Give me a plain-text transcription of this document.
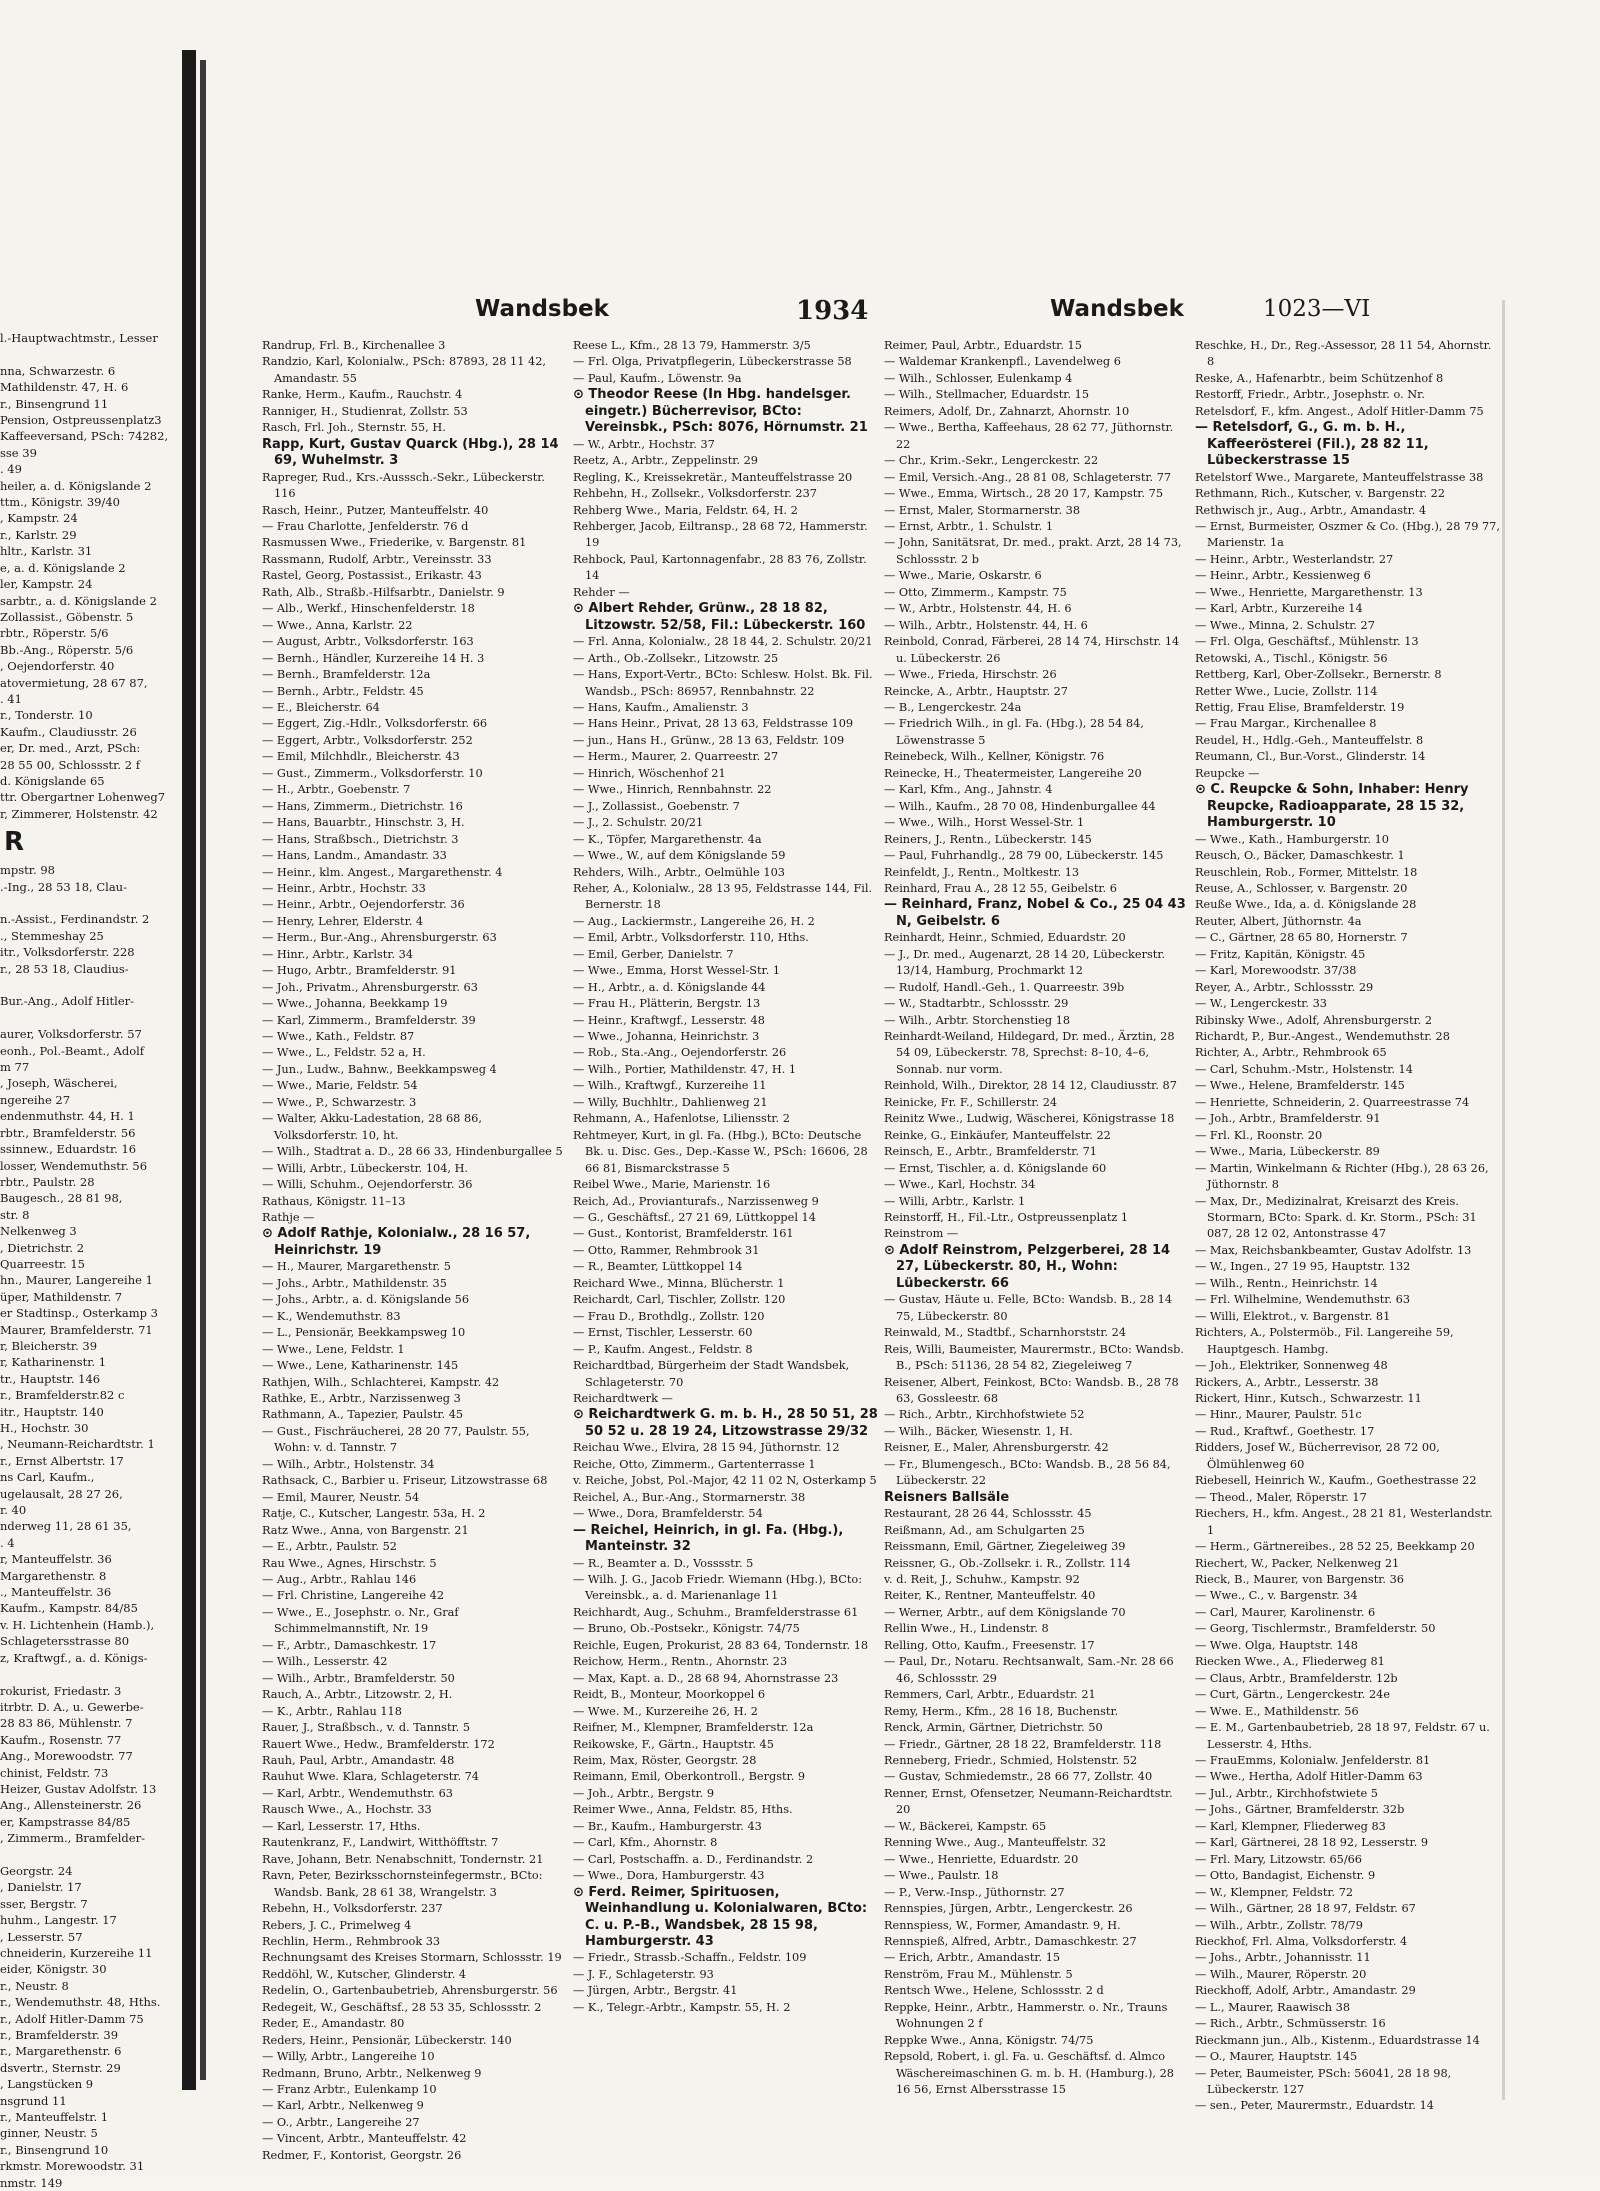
l.-Hauptwachtmstr., Lesser

nna, Schwarzestr. 6
Mathildenstr. 47, H. 6
r., Binsengrund 11
Pension, Ostpreussenplatz3
Kaffeeversand, PSch: 74282,
sse 39
. 49
heiler, a. d. Königslande 2
ttm., Königstr. 39/40
, Kampstr. 24
r., Karlstr. 29
hltr., Karlstr. 31
e, a. d. Königslande 2
ler, Kampstr. 24
sarbtr., a. d. Königslande 2
Zollassist., Göbenstr. 5
rbtr., Röperstr. 5/6
Bb.-Ang., Röperstr. 5/6
, Oejendorferstr. 40
atovermietung, 28 67 87,
. 41
r., Tonderstr. 10
Kaufm., Claudiusstr. 26
er, Dr. med., Arzt, PSch:
28 55 00, Schlossstr. 2 f
d. Königslande 65
ttr. Obergartner Lohenweg7
r, Zimmerer, Holstenstr. 42
R
mpstr. 98
.-Ing., 28 53 18, Clau-

n.-Assist., Ferdinandstr. 2
., Stemmeshay 25
itr., Volksdorferstr. 228
r., 28 53 18, Claudius-

Bur.-Ang., Adolf Hitler-

aurer, Volksdorferstr. 57
eonh., Pol.-Beamt., Adolf
m 77
, Joseph, Wäscherei,
ngereihe 27
endenmuthstr. 44, H. 1
rbtr., Bramfelderstr. 56
ssinnew., Eduardstr. 16
losser, Wendemuthstr. 56
rbtr., Paulstr. 28
Baugesch., 28 81 98,
str. 8
Nelkenweg 3
, Dietrichstr. 2
Quarreestr. 15
hn., Maurer, Langereihe 1
üper, Mathildenstr. 7
er Stadtinsp., Osterkamp 3
Maurer, Bramfelderstr. 71
r, Bleicherstr. 39
r, Katharinenstr. 1
tr., Hauptstr. 146
r., Bramfelderstr.82 c
itr., Hauptstr. 140
H., Hochstr. 30
, Neumann-Reichardtstr. 1
r., Ernst Albertstr. 17
ns Carl, Kaufm.,
ugelausalt, 28 27 26,
r. 40
nderweg 11, 28 61 35,
. 4
r, Manteuffelstr. 36
Margarethenstr. 8
., Manteuffelstr. 36
Kaufm., Kampstr. 84/85
v. H. Lichtenhein (Hamb.),
Schlagetersstrasse 80
z, Kraftwgf., a. d. Königs-

rokurist, Friedastr. 3
itrbtr. D. A., u. Gewerbe-
28 83 86, Mühlenstr. 7
Kaufm., Rosenstr. 77
Ang., Morewoodstr. 77
chinist, Feldstr. 73
Heizer, Gustav Adolfstr. 13
Ang., Allensteinerstr. 26
er, Kampstrasse 84/85
, Zimmerm., Bramfelder-

Georgstr. 24
, Danielstr. 17
sser, Bergstr. 7
huhm., Langestr. 17
, Lesserstr. 57
chneiderin, Kurzereihe 11
eider, Königstr. 30
r., Neustr. 8
r., Wendemuthstr. 48, Hths.
r., Adolf Hitler-Damm 75
r., Bramfelderstr. 39
r., Margarethenstr. 6
dsvertr., Sternstr. 29
, Langstücken 9
nsgrund 11
r., Manteuffelstr. 1
ginner, Neustr. 5
r., Binsengrund 10
rkmstr. Morewoodstr. 31
nmstr. 149
Wandsbek	1934	Wandsbek	1023—VI
Randrup, Frl. B., Kirchenallee 3
Randzio, Karl, Kolonialw., PSch: 87893, 28 11 42, Amandastr. 55
Ranke, Herm., Kaufm., Rauchstr. 4
Ranniger, H., Studienrat, Zollstr. 53
Rasch, Frl. Joh., Sternstr. 55, H.
Rapp, Kurt, Gustav Quarck (Hbg.), 28 14 69, Wuhelmstr. 3
Rapreger, Rud., Krs.-Ausssch.-Sekr., Lübeckerstr. 116
Rasch, Heinr., Putzer, Manteuffelstr. 40
— Frau Charlotte, Jenfelderstr. 76 d
Rasmussen Wwe., Friederike, v. Bargenstr. 81
Rassmann, Rudolf, Arbtr., Vereinsstr. 33
Rastel, Georg, Postassist., Erikastr. 43
Rath, Alb., Straßb.-Hilfsarbtr., Danielstr. 9
— Alb., Werkf., Hinschenfelderstr. 18
— Wwe., Anna, Karlstr. 22
— August, Arbtr., Volksdorferstr. 163
— Bernh., Händler, Kurzereihe 14 H. 3
— Bernh., Bramfelderstr. 12a
— Bernh., Arbtr., Feldstr. 45
— E., Bleicherstr. 64
— Eggert, Zig.-Hdlr., Volksdorferstr. 66
— Eggert, Arbtr., Volksdorferstr. 252
— Emil, Milchhdlr., Bleicherstr. 43
— Gust., Zimmerm., Volksdorferstr. 10
— H., Arbtr., Goebenstr. 7
— Hans, Zimmerm., Dietrichstr. 16
— Hans, Bauarbtr., Hinschstr. 3, H.
— Hans, Straßbsch., Dietrichstr. 3
— Hans, Landm., Amandastr. 33
— Heinr., klm. Angest., Margarethenstr. 4
— Heinr., Arbtr., Hochstr. 33
— Heinr., Arbtr., Oejendorferstr. 36
— Henry, Lehrer, Elderstr. 4
— Herm., Bur.-Ang., Ahrensburgerstr. 63
— Hinr., Arbtr., Karlstr. 34
— Hugo, Arbtr., Bramfelderstr. 91
— Joh., Privatm., Ahrensburgerstr. 63
— Wwe., Johanna, Beekkamp 19
— Karl, Zimmerm., Bramfelderstr. 39
— Wwe., Kath., Feldstr. 87
— Wwe., L., Feldstr. 52 a, H.
— Jun., Ludw., Bahnw., Beekkampsweg 4
— Wwe., Marie, Feldstr. 54
— Wwe., P., Schwarzestr. 3
— Walter, Akku-Ladestation, 28 68 86, Volksdorferstr. 10, ht.
— Wilh., Stadtrat a. D., 28 66 33, Hindenburgallee 5
— Willi, Arbtr., Lübeckerstr. 104, H.
— Willi, Schuhm., Oejendorferstr. 36
Rathaus, Königstr. 11–13
Rathje —
⊙ Adolf Rathje, Kolonialw., 28 16 57, Heinrichstr. 19
— H., Maurer, Margarethenstr. 5
— Johs., Arbtr., Mathildenstr. 35
— Johs., Arbtr., a. d. Königslande 56
— K., Wendemuthstr. 83
— L., Pensionär, Beekkampsweg 10
— Wwe., Lene, Feldstr. 1
— Wwe., Lene, Katharinenstr. 145
Rathjen, Wilh., Schlachterei, Kampstr. 42
Rathke, E., Arbtr., Narzissenweg 3
Rathmann, A., Tapezier, Paulstr. 45
— Gust., Fischräucherei, 28 20 77, Paulstr. 55, Wohn: v. d. Tannstr. 7
— Wilh., Arbtr., Holstenstr. 34
Rathsack, C., Barbier u. Friseur, Litzowstrasse 68
— Emil, Maurer, Neustr. 54
Ratje, C., Kutscher, Langestr. 53a, H. 2
Ratz Wwe., Anna, von Bargenstr. 21
— E., Arbtr., Paulstr. 52
Rau Wwe., Agnes, Hirschstr. 5
— Aug., Arbtr., Rahlau 146
— Frl. Christine, Langereihe 42
— Wwe., E., Josephstr. o. Nr., Graf Schimmelmannstift, Nr. 19
— F., Arbtr., Damaschkestr. 17
— Wilh., Lesserstr. 42
— Wilh., Arbtr., Bramfelderstr. 50
Rauch, A., Arbtr., Litzowstr. 2, H.
— K., Arbtr., Rahlau 118
Rauer, J., Straßbsch., v. d. Tannstr. 5
Rauert Wwe., Hedw., Bramfelderstr. 172
Rauh, Paul, Arbtr., Amandastr. 48
Rauhut Wwe. Klara, Schlageterstr. 74
— Karl, Arbtr., Wendemuthstr. 63
Rausch Wwe., A., Hochstr. 33
— Karl, Lesserstr. 17, Hths.
Rautenkranz, F., Landwirt, Witthöfftstr. 7
Rave, Johann, Betr. Nenabschnitt, Tondernstr. 21
Ravn, Peter, Bezirksschornsteinfegermstr., BCto: Wandsb. Bank, 28 61 38, Wrangelstr. 3
Rebehn, H., Volksdorferstr. 237
Rebers, J. C., Primelweg 4
Rechlin, Herm., Rehmbrook 33
Rechnungsamt des Kreises Stormarn, Schlossstr. 19
Reddöhl, W., Kutscher, Glinderstr. 4
Redelin, O., Gartenbaubetrieb, Ahrensburgerstr. 56
Redegeit, W., Geschäftsf., 28 53 35, Schlossstr. 2
Reder, E., Amandastr. 80
Reders, Heinr., Pensionär, Lübeckerstr. 140
— Willy, Arbtr., Langereihe 10
Redmann, Bruno, Arbtr., Nelkenweg 9
— Franz Arbtr., Eulenkamp 10
— Karl, Arbtr., Nelkenweg 9
— O., Arbtr., Langereihe 27
— Vincent, Arbtr., Manteuffelstr. 42
Redmer, F., Kontorist, Georgstr. 26
Reese L., Kfm., 28 13 79, Hammerstr. 3/5
— Frl. Olga, Privatpflegerin, Lübeckerstrasse 58
— Paul, Kaufm., Löwenstr. 9a
⊙ Theodor Reese (In Hbg. handelsger. eingetr.) Bücherrevisor, BCto: Vereinsbk., PSch: 8076, Hörnumstr. 21
— W., Arbtr., Hochstr. 37
Reetz, A., Arbtr., Zeppelinstr. 29
Regling, K., Kreissekretär., Manteuffelstrasse 20
Rehbehn, H., Zollsekr., Volksdorferstr. 237
Rehberg Wwe., Maria, Feldstr. 64, H. 2
Rehberger, Jacob, Eiltransp., 28 68 72, Hammerstr. 19
Rehbock, Paul, Kartonnagenfabr., 28 83 76, Zollstr. 14
Rehder —
⊙ Albert Rehder, Grünw., 28 18 82, Litzowstr. 52/58, Fil.: Lübeckerstr. 160
— Frl. Anna, Kolonialw., 28 18 44, 2. Schulstr. 20/21
— Arth., Ob.-Zollsekr., Litzowstr. 25
— Hans, Export-Vertr., BCto: Schlesw. Holst. Bk. Fil. Wandsb., PSch: 86957, Rennbahnstr. 22
— Hans, Kaufm., Amalienstr. 3
— Hans Heinr., Privat, 28 13 63, Feldstrasse 109
— jun., Hans H., Grünw., 28 13 63, Feldstr. 109
— Herm., Maurer, 2. Quarreestr. 27
— Hinrich, Wöschenhof 21
— Wwe., Hinrich, Rennbahnstr. 22
— J., Zollassist., Goebenstr. 7
— J., 2. Schulstr. 20/21
— K., Töpfer, Margarethenstr. 4a
— Wwe., W., auf dem Königslande 59
Rehders, Wilh., Arbtr., Oelmühle 103
Reher, A., Kolonialw., 28 13 95, Feldstrasse 144, Fil. Bernerstr. 18
— Aug., Lackiermstr., Langereihe 26, H. 2
— Emil, Arbtr., Volksdorferstr. 110, Hths.
— Emil, Gerber, Danielstr. 7
— Wwe., Emma, Horst Wessel-Str. 1
— H., Arbtr., a. d. Königslande 44
— Frau H., Plätterin, Bergstr. 13
— Heinr., Kraftwgf., Lesserstr. 48
— Wwe., Johanna, Heinrichstr. 3
— Rob., Sta.-Ang., Oejendorferstr. 26
— Wilh., Portier, Mathildenstr. 47, H. 1
— Wilh., Kraftwgf., Kurzereihe 11
— Willy, Buchhltr., Dahlienweg 21
Rehmann, A., Hafenlotse, Liliensstr. 2
Rehtmeyer, Kurt, in gl. Fa. (Hbg.), BCto: Deutsche Bk. u. Disc. Ges., Dep.-Kasse W., PSch: 16606, 28 66 81, Bismarckstrasse 5
Reibel Wwe., Marie, Marienstr. 16
Reich, Ad., Provianturafs., Narzissenweg 9
— G., Geschäftsf., 27 21 69, Lüttkoppel 14
— Gust., Kontorist, Bramfelderstr. 161
— Otto, Rammer, Rehmbrook 31
— R., Beamter, Lüttkoppel 14
Reichard Wwe., Minna, Blücherstr. 1
Reichardt, Carl, Tischler, Zollstr. 120
— Frau D., Brothdlg., Zollstr. 120
— Ernst, Tischler, Lesserstr. 60
— P., Kaufm. Angest., Feldstr. 8
Reichardtbad, Bürgerheim der Stadt Wandsbek, Schlageterstr. 70
Reichardtwerk —
⊙ Reichardtwerk G. m. b. H., 28 50 51, 28 50 52 u. 28 19 24, Litzowstrasse 29/32
Reichau Wwe., Elvira, 28 15 94, Jüthornstr. 12
Reiche, Otto, Zimmerm., Gartenterrasse 1
v. Reiche, Jobst, Pol.-Major, 42 11 02 N, Osterkamp 5
Reichel, A., Bur.-Ang., Stormarnerstr. 38
— Wwe., Dora, Bramfelderstr. 54
— Reichel, Heinrich, in gl. Fa. (Hbg.), Manteinstr. 32
— R., Beamter a. D., Vosssstr. 5
— Wilh. J. G., Jacob Friedr. Wiemann (Hbg.), BCto: Vereinsbk., a. d. Marienanlage 11
Reichhardt, Aug., Schuhm., Bramfelderstrasse 61
— Bruno, Ob.-Postsekr., Königstr. 74/75
Reichle, Eugen, Prokurist, 28 83 64, Tondernstr. 18
Reichow, Herm., Rentn., Ahornstr. 23
— Max, Kapt. a. D., 28 68 94, Ahornstrasse 23
Reidt, B., Monteur, Moorkoppel 6
— Wwe. M., Kurzereihe 26, H. 2
Reifner, M., Klempner, Bramfelderstr. 12a
Reikowske, F., Gärtn., Hauptstr. 45
Reim, Max, Röster, Georgstr. 28
Reimann, Emil, Oberkontroll., Bergstr. 9
— Joh., Arbtr., Bergstr. 9
Reimer Wwe., Anna, Feldstr. 85, Hths.
— Br., Kaufm., Hamburgerstr. 43
— Carl, Kfm., Ahornstr. 8
— Carl, Postschaffn. a. D., Ferdinandstr. 2
— Wwe., Dora, Hamburgerstr. 43
⊙ Ferd. Reimer, Spirituosen, Weinhandlung u. Kolonialwaren, BCto: C. u. P.-B., Wandsbek, 28 15 98, Hamburgerstr. 43
— Friedr., Strassb.-Schaffn., Feldstr. 109
— J. F., Schlageterstr. 93
— Jürgen, Arbtr., Bergstr. 41
— K., Telegr.-Arbtr., Kampstr. 55, H. 2
Reimer, Paul, Arbtr., Eduardstr. 15
— Waldemar Krankenpfl., Lavendelweg 6
— Wilh., Schlosser, Eulenkamp 4
— Wilh., Stellmacher, Eduardstr. 15
Reimers, Adolf, Dr., Zahnarzt, Ahornstr. 10
— Wwe., Bertha, Kaffeehaus, 28 62 77, Jüthornstr. 22
— Chr., Krim.-Sekr., Lengerckestr. 22
— Emil, Versich.-Ang., 28 81 08, Schlageterstr. 77
— Wwe., Emma, Wirtsch., 28 20 17, Kampstr. 75
— Ernst, Maler, Stormarnerstr. 38
— Ernst, Arbtr., 1. Schulstr. 1
— John, Sanitätsrat, Dr. med., prakt. Arzt, 28 14 73, Schlossstr. 2 b
— Wwe., Marie, Oskarstr. 6
— Otto, Zimmerm., Kampstr. 75
— W., Arbtr., Holstenstr. 44, H. 6
— Wilh., Arbtr., Holstenstr. 44, H. 6
Reinbold, Conrad, Färberei, 28 14 74, Hirschstr. 14 u. Lübeckerstr. 26
— Wwe., Frieda, Hirschstr. 26
Reincke, A., Arbtr., Hauptstr. 27
— B., Lengerckestr. 24a
— Friedrich Wilh., in gl. Fa. (Hbg.), 28 54 84, Löwenstrasse 5
Reinebeck, Wilh., Kellner, Königstr. 76
Reinecke, H., Theatermeister, Langereihe 20
— Karl, Kfm., Ang., Jahnstr. 4
— Wilh., Kaufm., 28 70 08, Hindenburgallee 44
— Wwe., Wilh., Horst Wessel-Str. 1
Reiners, J., Rentn., Lübeckerstr. 145
— Paul, Fuhrhandlg., 28 79 00, Lübeckerstr. 145
Reinfeldt, J., Rentn., Moltkestr. 13
Reinhard, Frau A., 28 12 55, Geibelstr. 6
— Reinhard, Franz, Nobel & Co., 25 04 43 N, Geibelstr. 6
Reinhardt, Heinr., Schmied, Eduardstr. 20
— J., Dr. med., Augenarzt, 28 14 20, Lübeckerstr. 13/14, Hamburg, Prochmarkt 12
— Rudolf, Handl.-Geh., 1. Quarreestr. 39b
— W., Stadtarbtr., Schlossstr. 29
— Wilh., Arbtr. Storchenstieg 18
Reinhardt-Weiland, Hildegard, Dr. med., Ärztin, 28 54 09, Lübeckerstr. 78, Sprechst: 8–10, 4–6, Sonnab. nur vorm.
Reinhold, Wilh., Direktor, 28 14 12, Claudiusstr. 87
Reinicke, Fr. F., Schillerstr. 24
Reinitz Wwe., Ludwig, Wäscherei, Königstrasse 18
Reinke, G., Einkäufer, Manteuffelstr. 22
Reinsch, E., Arbtr., Bramfelderstr. 71
— Ernst, Tischler, a. d. Königslande 60
— Wwe., Karl, Hochstr. 34
— Willi, Arbtr., Karlstr. 1
Reinstorff, H., Fil.-Ltr., Ostpreussenplatz 1
Reinstrom —
⊙ Adolf Reinstrom, Pelzgerberei, 28 14 27, Lübeckerstr. 80, H., Wohn: Lübeckerstr. 66
— Gustav, Häute u. Felle, BCto: Wandsb. B., 28 14 75, Lübeckerstr. 80
Reinwald, M., Stadtbf., Scharnhorststr. 24
Reis, Willi, Baumeister, Maurermstr., BCto: Wandsb. B., PSch: 51136, 28 54 82, Ziegeleiweg 7
Reisener, Albert, Feinkost, BCto: Wandsb. B., 28 78 63, Gossleestr. 68
— Rich., Arbtr., Kirchhofstwiete 52
— Wilh., Bäcker, Wiesenstr. 1, H.
Reisner, E., Maler, Ahrensburgerstr. 42
— Fr., Blumengesch., BCto: Wandsb. B., 28 56 84, Lübeckerstr. 22
Reisners Ballsäle
Restaurant, 28 26 44, Schlossstr. 45
Reißmann, Ad., am Schulgarten 25
Reissmann, Emil, Gärtner, Ziegeleiweg 39
Reissner, G., Ob.-Zollsekr. i. R., Zollstr. 114
v. d. Reit, J., Schuhw., Kampstr. 92
Reiter, K., Rentner, Manteuffelstr. 40
— Werner, Arbtr., auf dem Königslande 70
Rellin Wwe., H., Lindenstr. 8
Relling, Otto, Kaufm., Freesenstr. 17
— Paul, Dr., Notaru. Rechtsanwalt, Sam.-Nr. 28 66 46, Schlossstr. 29
Remmers, Carl, Arbtr., Eduardstr. 21
Remy, Herm., Kfm., 28 16 18, Buchenstr.
Renck, Armin, Gärtner, Dietrichstr. 50
— Friedr., Gärtner, 28 18 22, Bramfelderstr. 118
Renneberg, Friedr., Schmied, Holstenstr. 52
— Gustav, Schmiedemstr., 28 66 77, Zollstr. 40
Renner, Ernst, Ofensetzer, Neumann-Reichardtstr. 20
— W., Bäckerei, Kampstr. 65
Renning Wwe., Aug., Manteuffelstr. 32
— Wwe., Henriette, Eduardstr. 20
— Wwe., Paulstr. 18
— P., Verw.-Insp., Jüthornstr. 27
Rennspies, Jürgen, Arbtr., Lengerckestr. 26
Rennspiess, W., Former, Amandastr. 9, H.
Rennspieß, Alfred, Arbtr., Damaschkestr. 27
— Erich, Arbtr., Amandastr. 15
Renström, Frau M., Mühlenstr. 5
Rentsch Wwe., Helene, Schlossstr. 2 d
Reppke, Heinr., Arbtr., Hammerstr. o. Nr., Trauns Wohnungen 2 f
Reppke Wwe., Anna, Königstr. 74/75
Repsold, Robert, i. gl. Fa. u. Geschäftsf. d. Almco Wäschereimaschinen G. m. b. H. (Hamburg.), 28 16 56, Ernst Albersstrasse 15
Reschke, H., Dr., Reg.-Assessor, 28 11 54, Ahornstr. 8
Reske, A., Hafenarbtr., beim Schützenhof 8
Restorff, Friedr., Arbtr., Josephstr. o. Nr.
Retelsdorf, F., kfm. Angest., Adolf Hitler-Damm 75
— Retelsdorf, G., G. m. b. H., Kaffeerösterei (Fil.), 28 82 11, Lübeckerstrasse 15
Retelstorf Wwe., Margarete, Manteuffelstrasse 38
Rethmann, Rich., Kutscher, v. Bargenstr. 22
Rethwisch jr., Aug., Arbtr., Amandastr. 4
— Ernst, Burmeister, Oszmer & Co. (Hbg.), 28 79 77, Marienstr. 1a
— Heinr., Arbtr., Westerlandstr. 27
— Heinr., Arbtr., Kessienweg 6
— Wwe., Henriette, Margarethenstr. 13
— Karl, Arbtr., Kurzereihe 14
— Wwe., Minna, 2. Schulstr. 27
— Frl. Olga, Geschäftsf., Mühlenstr. 13
Retowski, A., Tischl., Königstr. 56
Rettberg, Karl, Ober-Zollsekr., Bernerstr. 8
Retter Wwe., Lucie, Zollstr. 114
Rettig, Frau Elise, Bramfelderstr. 19
— Frau Margar., Kirchenallee 8
Reudel, H., Hdlg.-Geh., Manteuffelstr. 8
Reumann, Cl., Bur.-Vorst., Glinderstr. 14
Reupcke —
⊙ C. Reupcke & Sohn, Inhaber: Henry Reupcke, Radioapparate, 28 15 32, Hamburgerstr. 10
— Wwe., Kath., Hamburgerstr. 10
Reusch, O., Bäcker, Damaschkestr. 1
Reuschlein, Rob., Former, Mittelstr. 18
Reuse, A., Schlosser, v. Bargenstr. 20
Reuße Wwe., Ida, a. d. Königslande 28
Reuter, Albert, Jüthornstr. 4a
— C., Gärtner, 28 65 80, Hornerstr. 7
— Fritz, Kapitän, Königstr. 45
— Karl, Morewoodstr. 37/38
Reyer, A., Arbtr., Schlossstr. 29
— W., Lengerckestr. 33
Ribinsky Wwe., Adolf, Ahrensburgerstr. 2
Richardt, P., Bur.-Angest., Wendemuthstr. 28
Richter, A., Arbtr., Rehmbrook 65
— Carl, Schuhm.-Mstr., Holstenstr. 14
— Wwe., Helene, Bramfelderstr. 145
— Henriette, Schneiderin, 2. Quarreestrasse 74
— Joh., Arbtr., Bramfelderstr. 91
— Frl. Kl., Roonstr. 20
— Wwe., Maria, Lübeckerstr. 89
— Martin, Winkelmann & Richter (Hbg.), 28 63 26, Jüthornstr. 8
— Max, Dr., Medizinalrat, Kreisarzt des Kreis. Stormarn, BCto: Spark. d. Kr. Storm., PSch: 31 087, 28 12 02, Antonstrasse 47
— Max, Reichsbankbeamter, Gustav Adolfstr. 13
— W., Ingen., 27 19 95, Hauptstr. 132
— Wilh., Rentn., Heinrichstr. 14
— Frl. Wilhelmine, Wendemuthstr. 63
— Willi, Elektrot., v. Bargenstr. 81
Richters, A., Polstermöb., Fil. Langereihe 59, Hauptgesch. Hambg.
— Joh., Elektriker, Sonnenweg 48
Rickers, A., Arbtr., Lesserstr. 38
Rickert, Hinr., Kutsch., Schwarzestr. 11
— Hinr., Maurer, Paulstr. 51c
— Rud., Kraftwf., Goethestr. 17
Ridders, Josef W., Bücherrevisor, 28 72 00, Ölmühlenweg 60
Riebesell, Heinrich W., Kaufm., Goethestrasse 22
— Theod., Maler, Röperstr. 17
Riechers, H., kfm. Angest., 28 21 81, Westerlandstr. 1
— Herm., Gärtnereibes., 28 52 25, Beekkamp 20
Riechert, W., Packer, Nelkenweg 21
Rieck, B., Maurer, von Bargenstr. 36
— Wwe., C., v. Bargenstr. 34
— Carl, Maurer, Karolinenstr. 6
— Georg, Tischlermstr., Bramfelderstr. 50
— Wwe. Olga, Hauptstr. 148
Riecken Wwe., A., Fliederweg 81
— Claus, Arbtr., Bramfelderstr. 12b
— Curt, Gärtn., Lengerckestr. 24e
— Wwe. E., Mathildenstr. 56
— E. M., Gartenbaubetrieb, 28 18 97, Feldstr. 67 u. Lesserstr. 4, Hths.
— FrauEmms, Kolonialw. Jenfelderstr. 81
— Wwe., Hertha, Adolf Hitler-Damm 63
— Jul., Arbtr., Kirchhofstwiete 5
— Johs., Gärtner, Bramfelderstr. 32b
— Karl, Klempner, Fliederweg 83
— Karl, Gärtnerei, 28 18 92, Lesserstr. 9
— Frl. Mary, Litzowstr. 65/66
— Otto, Bandagist, Eichenstr. 9
— W., Klempner, Feldstr. 72
— Wilh., Gärtner, 28 18 97, Feldstr. 67
— Wilh., Arbtr., Zollstr. 78/79
Rieckhof, Frl. Alma, Volksdorferstr. 4
— Johs., Arbtr., Johannisstr. 11
— Wilh., Maurer, Röperstr. 20
Rieckhoff, Adolf, Arbtr., Amandastr. 29
— L., Maurer, Raawisch 38
— Rich., Arbtr., Schmüsserstr. 16
Rieckmann jun., Alb., Kistenm., Eduardstrasse 14
— O., Maurer, Hauptstr. 145
— Peter, Baumeister, PSch: 56041, 28 18 98, Lübeckerstr. 127
— sen., Peter, Maurermstr., Eduardstr. 14
